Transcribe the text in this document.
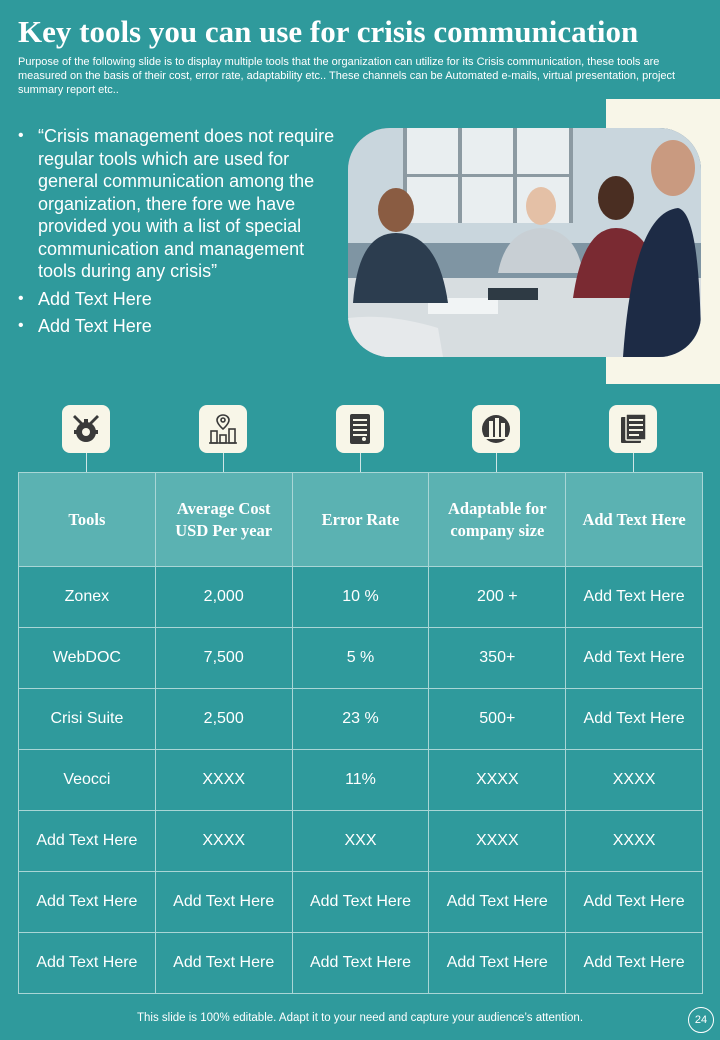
Key tools you can use for crisis communication
Purpose of the following slide is to display multiple tools that the organization can utilize for its Crisis communication, these tools are measured on the basis of their cost, error rate, adaptability etc.. These channels can be Automated e-mails, virtual presentation, project summary report etc..
• “Crisis management does not require regular tools which are used for general communication among the organization, there fore we have provided you with a list of special communication and management tools during any crisis”
• Add Text Here
• Add Text Here
Tools	Average Cost USD Per year	Error Rate	Adaptable for company size	Add Text Here
Zonex	2,000	10 %	200 +	Add Text Here
WebDOC	7,500	5 %	350+	Add Text Here
Crisi Suite	2,500	23 %	500+	Add Text Here
Veocci	XXXX	11%	XXXX	XXXX
Add Text Here	XXXX	XXX	XXXX	XXXX
Add Text Here	Add Text Here	Add Text Here	Add Text Here	Add Text Here
Add Text Here	Add Text Here	Add Text Here	Add Text Here	Add Text Here
This slide is 100% editable. Adapt it to your need and capture your audience’s attention.	24
